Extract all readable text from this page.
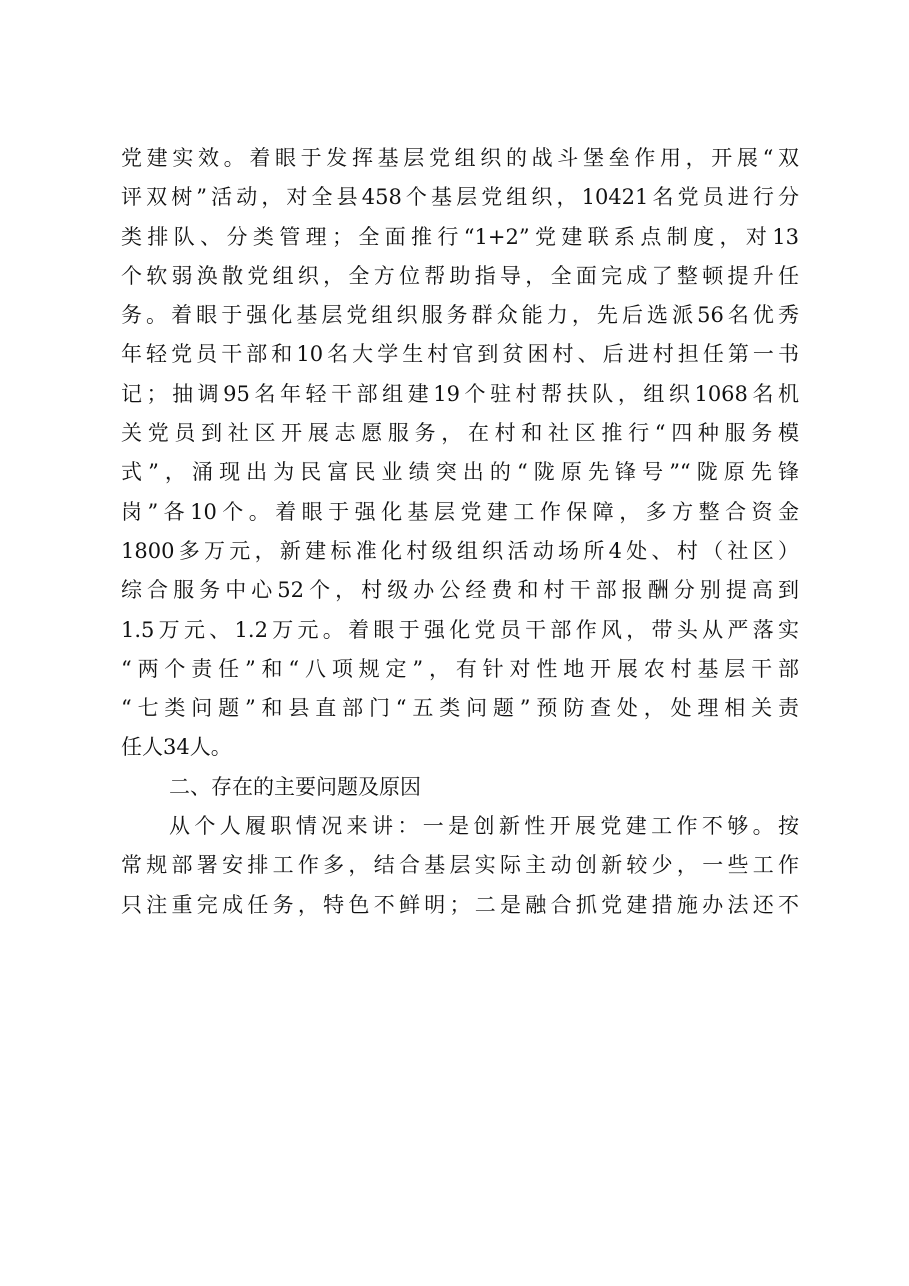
党建实效。着眼于发挥基层党组织的战斗堡垒作用，开展“双
评双树”活动，对全县458个基层党组织，10421名党员进行分
类排队、分类管理；全面推行“1+2”党建联系点制度，对13
个软弱涣散党组织，全方位帮助指导，全面完成了整顿提升任
务。着眼于强化基层党组织服务群众能力，先后选派56名优秀
年轻党员干部和10名大学生村官到贫困村、后进村担任第一书
记；抽调95名年轻干部组建19个驻村帮扶队，组织1068名机
关党员到社区开展志愿服务，在村和社区推行“四种服务模
式”，涌现出为民富民业绩突出的“陇原先锋号”“陇原先锋
岗”各10个。着眼于强化基层党建工作保障，多方整合资金
1800多万元，新建标准化村级组织活动场所4处、村（社区）
综合服务中心52个，村级办公经费和村干部报酬分别提高到
1.5万元、1.2万元。着眼于强化党员干部作风，带头从严落实
“两个责任”和“八项规定”，有针对性地开展农村基层干部
“七类问题”和县直部门“五类问题”预防查处，处理相关责
任人34人。
二、存在的主要问题及原因
从个人履职情况来讲：一是创新性开展党建工作不够。按
常规部署安排工作多，结合基层实际主动创新较少，一些工作
只注重完成任务，特色不鲜明；二是融合抓党建措施办法还不
